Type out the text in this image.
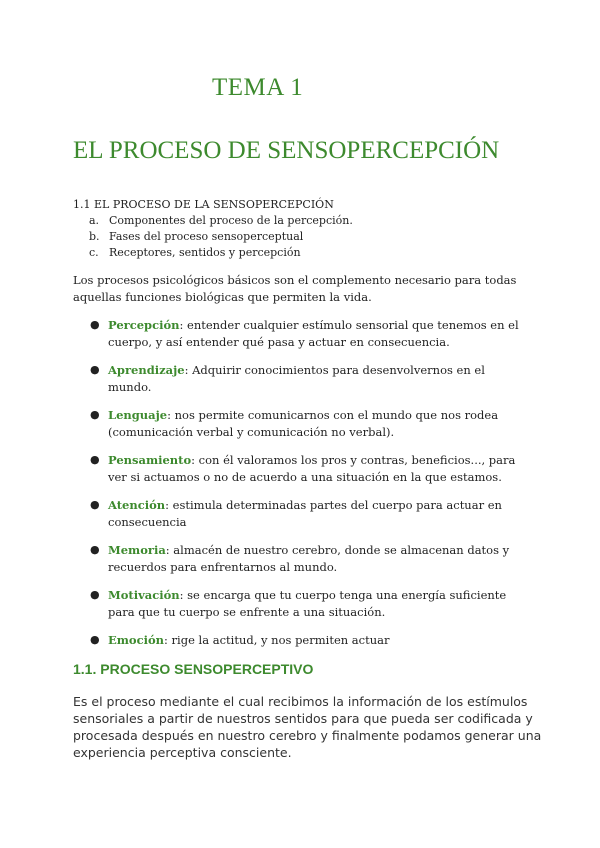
TEMA 1
EL PROCESO DE SENSOPERCEPCIÓN
1.1 EL PROCESO DE LA SENSOPERCEPCIÓN
a. Componentes del proceso de la percepción.
b. Fases del proceso sensoperceptual
c. Receptores, sentidos y percepción
Los procesos psicológicos básicos son el complemento necesario para todas aquellas funciones biológicas que permiten la vida.
● Percepción: entender cualquier estímulo sensorial que tenemos en el cuerpo, y así entender qué pasa y actuar en consecuencia.
● Aprendizaje: Adquirir conocimientos para desenvolvernos en el mundo.
● Lenguaje: nos permite comunicarnos con el mundo que nos rodea (comunicación verbal y comunicación no verbal).
● Pensamiento: con él valoramos los pros y contras, beneficios..., para ver si actuamos o no de acuerdo a una situación en la que estamos.
● Atención: estimula determinadas partes del cuerpo para actuar en consecuencia
● Memoria: almacén de nuestro cerebro, donde se almacenan datos y recuerdos para enfrentarnos al mundo.
● Motivación: se encarga que tu cuerpo tenga una energía suficiente para que tu cuerpo se enfrente a una situación.
● Emoción: rige la actitud, y nos permiten actuar
1.1. PROCESO SENSOPERCEPTIVO
Es el proceso mediante el cual recibimos la información de los estímulos sensoriales a partir de nuestros sentidos para que pueda ser codificada y procesada después en nuestro cerebro y finalmente podamos generar una experiencia perceptiva consciente.
